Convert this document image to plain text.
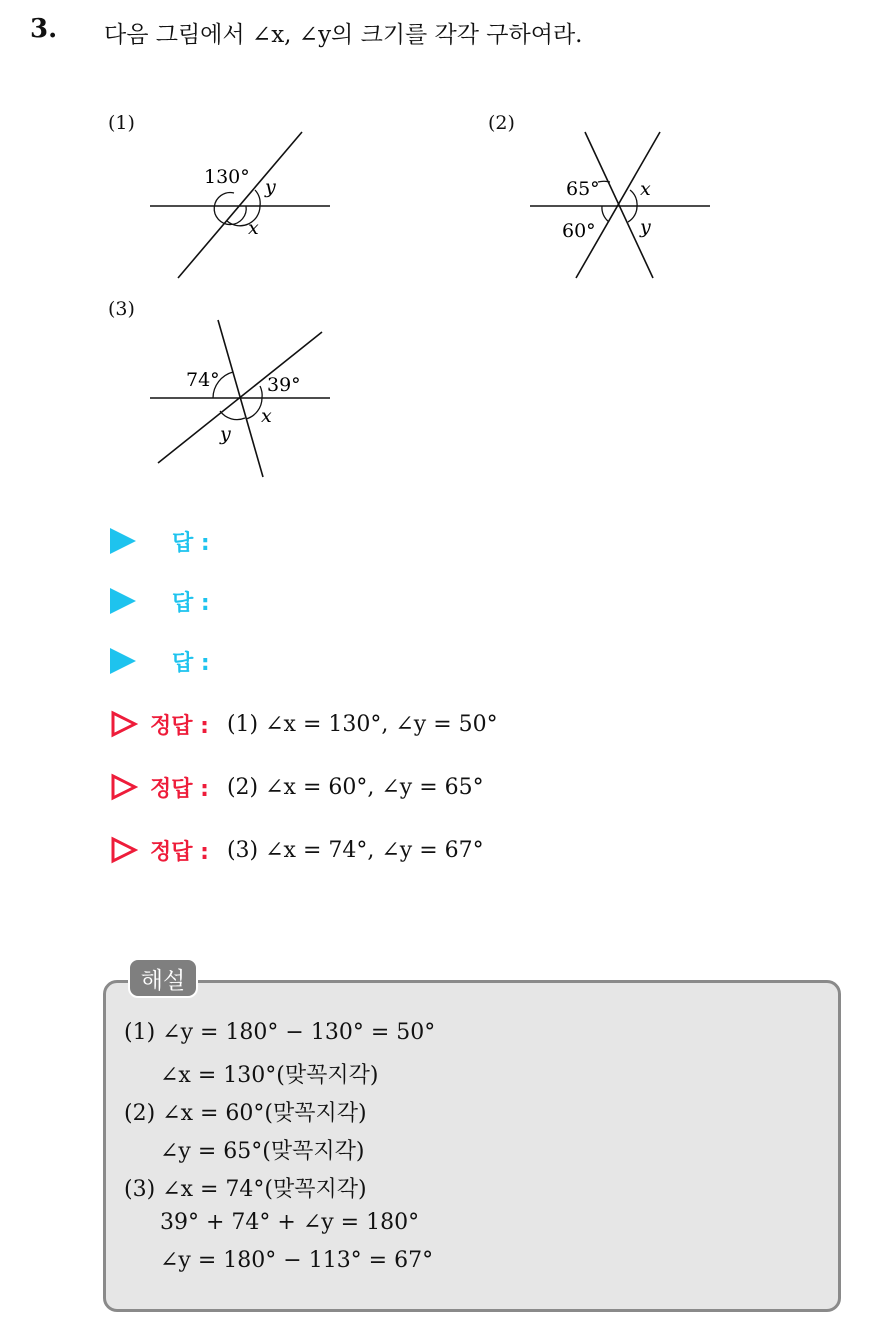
3. 다음 그림에서 ∠x, ∠y의 크기를 각각 구하여라.
(1)
130° y
x
(2)
65° x
60° y
(3)
74° 39°
x
y
답 :
답 :
답 :
정답 : (1) ∠x = 130°, ∠y = 50°
정답 : (2) ∠x = 60°, ∠y = 65°
정답 : (3) ∠x = 74°, ∠y = 67°
해설
(1) ∠y = 180° − 130° = 50°
∠x = 130°(맞꼭지각)
(2) ∠x = 60°(맞꼭지각)
∠y = 65°(맞꼭지각)
(3) ∠x = 74°(맞꼭지각)
39° + 74° + ∠y = 180°
∠y = 180° − 113° = 67°
